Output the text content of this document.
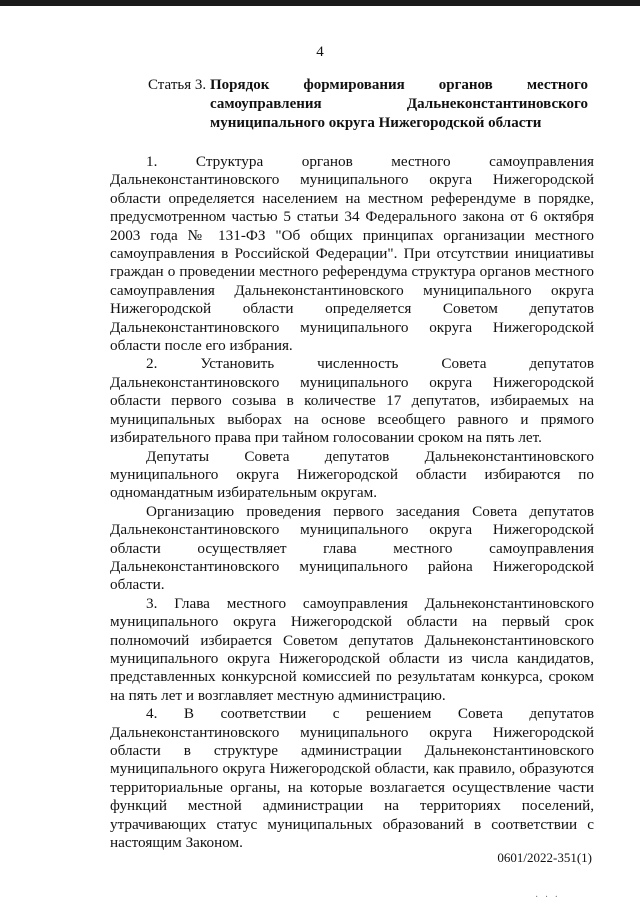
4
Статья 3. Порядок формирования органов местного самоуправления Дальнеконстантиновского муниципального округа Нижегородской области

1. Структура органов местного самоуправления Дальнеконстантиновского муниципального округа Нижегородской области определяется населением на местном референдуме в порядке, предусмотренном частью 5 статьи 34 Федерального закона от 6 октября 2003 года № 131-ФЗ "Об общих принципах организации местного самоуправления в Российской Федерации". При отсутствии инициативы граждан о проведении местного референдума структура органов местного самоуправления Дальнеконстантиновского муниципального округа Нижегородской области определяется Советом депутатов Дальнеконстантиновского муниципального округа Нижегородской области после его избрания.

2. Установить численность Совета депутатов Дальнеконстантиновского муниципального округа Нижегородской области первого созыва в количестве 17 депутатов, избираемых на муниципальных выборах на основе всеобщего равного и прямого избирательного права при тайном голосовании сроком на пять лет.

Депутаты Совета депутатов Дальнеконстантиновского муниципального округа Нижегородской области избираются по одномандатным избирательным округам.

Организацию проведения первого заседания Совета депутатов Дальнеконстантиновского муниципального округа Нижегородской области осуществляет глава местного самоуправления Дальнеконстантиновского муниципального района Нижегородской области.

3. Глава местного самоуправления Дальнеконстантиновского муниципального округа Нижегородской области на первый срок полномочий избирается Советом депутатов Дальнеконстантиновского муниципального округа Нижегородской области из числа кандидатов, представленных конкурсной комиссией по результатам конкурса, сроком на пять лет и возглавляет местную администрацию.

4. В соответствии с решением Совета депутатов Дальнеконстантиновского муниципального округа Нижегородской области в структуре администрации Дальнеконстантиновского муниципального округа Нижегородской области, как правило, образуются территориальные органы, на которые возлагается осуществление части функций местной администрации на территориях поселений, утрачивающих статус муниципальных образований в соответствии с настоящим Законом.

0601/2022-351(1)
· · ·
